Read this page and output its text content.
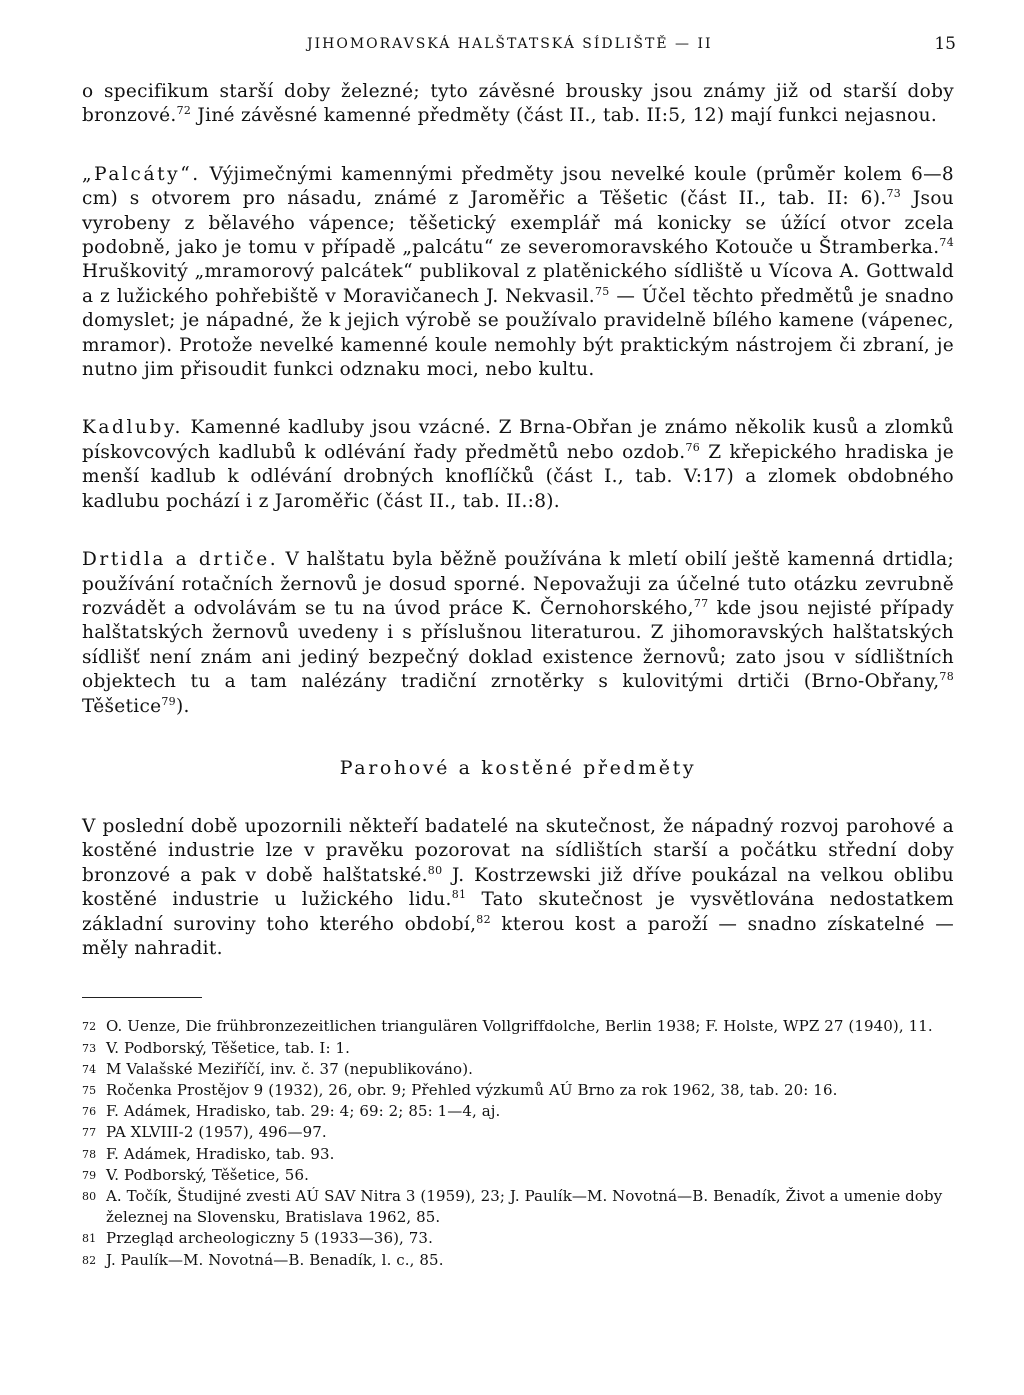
JIHOMORAVSKÁ HALŠTATSKÁ SÍDLIŠTĚ — II	15

o specifikum starší doby železné; tyto závěsné brousky jsou známy již od starší doby bronzové.$^{72}$ Jiné závěsné kamenné předměty (část II., tab. II:5, 12) mají funkci nejasnou.

„Palcáty“. Výjimečnými kamennými předměty jsou nevelké koule (průměr kolem 6—8 cm) s otvorem pro násadu, známé z Jaroměřic a Těšetic (část II., tab. II: 6).$^{73}$ Jsou vyrobeny z bělavého vápence; těšetický exemplář má konicky se úžící otvor zcela podobně, jako je tomu v případě „palcátu“ ze severomoravského Kotouče u Štramberka.$^{74}$ Hruškovitý „mramorový palcátek“ publikoval z platěnického sídliště u Vícova A. Gottwald a z lužického pohřebiště v Moravičanech J. Nekvasil.$^{75}$ — Účel těchto předmětů je snadno domyslet; je nápadné, že k jejich výrobě se používalo pravidelně bílého kamene (vápenec, mramor). Protože nevelké kamenné koule nemohly být praktickým nástrojem či zbraní, je nutno jim přisoudit funkci odznaku moci, nebo kultu.

Kadluby. Kamenné kadluby jsou vzácné. Z Brna-Obřan je známo několik kusů a zlomků pískovcových kadlubů k odlévání řady předmětů nebo ozdob.$^{76}$ Z křepického hradiska je menší kadlub k odlévání drobných knoflíčků (část I., tab. V:17) a zlomek obdobného kadlubu pochází i z Jaroměřic (část II., tab. II.:8).

Drtidla a drtiče. V halštatu byla běžně používána k mletí obilí ještě kamenná drtidla; používání rotačních žernovů je dosud sporné. Nepovažuji za účelné tuto otázku zevrubně rozvádět a odvolávám se tu na úvod práce K. Černohorského,$^{77}$ kde jsou nejisté případy halštatských žernovů uvedeny i s příslušnou literaturou. Z jihomoravských halštatských sídlišť není znám ani jediný bezpečný doklad existence žernovů; zato jsou v sídlištních objektech tu a tam nalézány tradiční zrnotěrky s kulovitými drtiči (Brno-Obřany,$^{78}$ Těšetice$^{79}$).

Parohové a kostěné předměty

V poslední době upozornili někteří badatelé na skutečnost, že nápadný rozvoj parohové a kostěné industrie lze v pravěku pozorovat na sídlištích starší a počátku střední doby bronzové a pak v době halštatské.$^{80}$ J. Kostrzewski již dříve poukázal na velkou oblibu kostěné industrie u lužického lidu.$^{81}$ Tato skutečnost je vysvětlována nedostatkem základní suroviny toho kterého období,$^{82}$ kterou kost a paroží — snadno získatelné — měly nahradit.

72 O. Uenze, Die frühbronzezeitlichen triangulären Vollgriffdolche, Berlin 1938; F. Holste, WPZ 27 (1940), 11.
73 V. Podborský, Těšetice, tab. I: 1.
74 M Valašské Meziříčí, inv. č. 37 (nepublikováno).
75 Ročenka Prostějov 9 (1932), 26, obr. 9; Přehled výzkumů AÚ Brno za rok 1962, 38, tab. 20: 16.
76 F. Adámek, Hradisko, tab. 29: 4; 69: 2; 85: 1—4, aj.
77 PA XLVIII-2 (1957), 496—97.
78 F. Adámek, Hradisko, tab. 93.
79 V. Podborský, Těšetice, 56.
80 A. Točík, Študijné zvesti AÚ SAV Nitra 3 (1959), 23; J. Paulík—M. Novotná—B. Benadík, Život a umenie doby železnej na Slovensku, Bratislava 1962, 85.
81 Przegląd archeologiczny 5 (1933—36), 73.
82 J. Paulík—M. Novotná—B. Benadík, l. c., 85.
